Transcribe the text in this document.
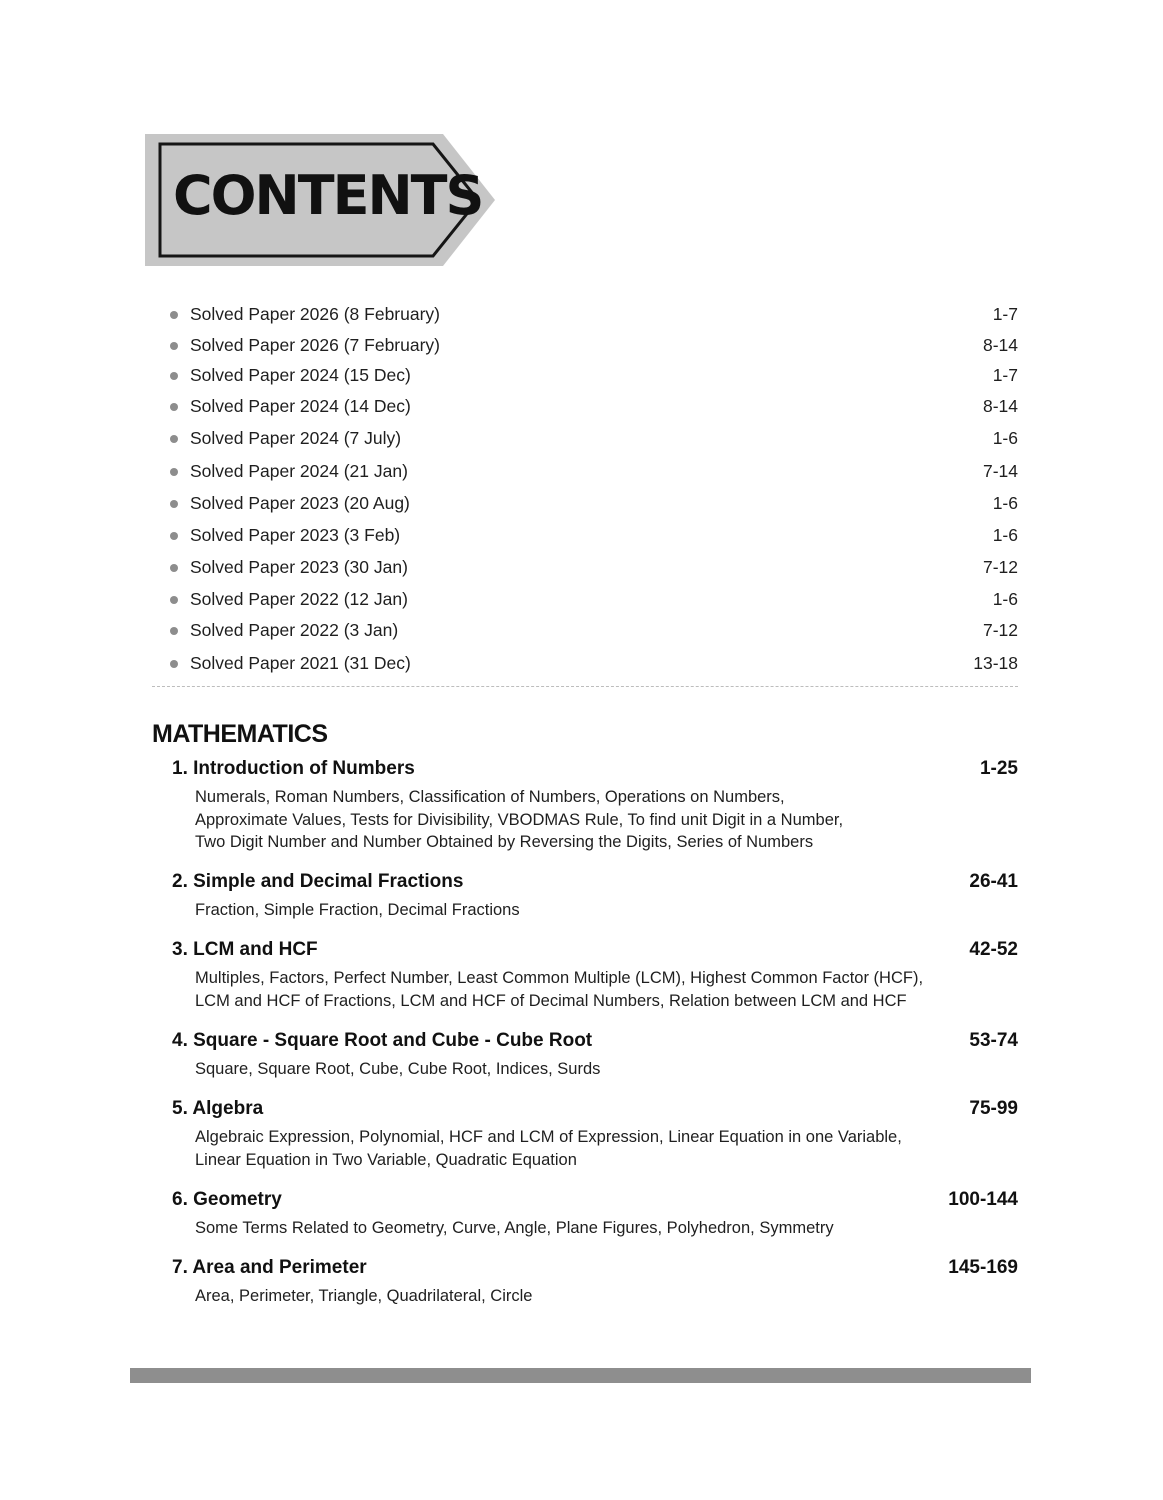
CONTENTS
Solved Paper 2026 (8 February)	1-7
Solved Paper 2026 (7 February)	8-14
Solved Paper 2024 (15 Dec)	1-7
Solved Paper 2024 (14 Dec)	8-14
Solved Paper 2024 (7 July)	1-6
Solved Paper 2024 (21 Jan)	7-14
Solved Paper 2023 (20 Aug)	1-6
Solved Paper 2023 (3 Feb)	1-6
Solved Paper 2023 (30 Jan)	7-12
Solved Paper 2022 (12 Jan)	1-6
Solved Paper 2022 (3 Jan)	7-12
Solved Paper 2021 (31 Dec)	13-18
MATHEMATICS
1. Introduction of Numbers	1-25
Numerals, Roman Numbers, Classification of Numbers, Operations on Numbers,
Approximate Values, Tests for Divisibility, VBODMAS Rule, To find unit Digit in a Number,
Two Digit Number and Number Obtained by Reversing the Digits, Series of Numbers
2. Simple and Decimal Fractions	26-41
Fraction, Simple Fraction, Decimal Fractions
3. LCM and HCF	42-52
Multiples, Factors, Perfect Number, Least Common Multiple (LCM), Highest Common Factor (HCF),
LCM and HCF of Fractions, LCM and HCF of Decimal Numbers, Relation between LCM and HCF
4. Square - Square Root and Cube - Cube Root	53-74
Square, Square Root, Cube, Cube Root, Indices, Surds
5. Algebra	75-99
Algebraic Expression, Polynomial, HCF and LCM of Expression, Linear Equation in one Variable,
Linear Equation in Two Variable, Quadratic Equation
6. Geometry	100-144
Some Terms Related to Geometry, Curve, Angle, Plane Figures, Polyhedron, Symmetry
7. Area and Perimeter	145-169
Area, Perimeter, Triangle, Quadrilateral, Circle
